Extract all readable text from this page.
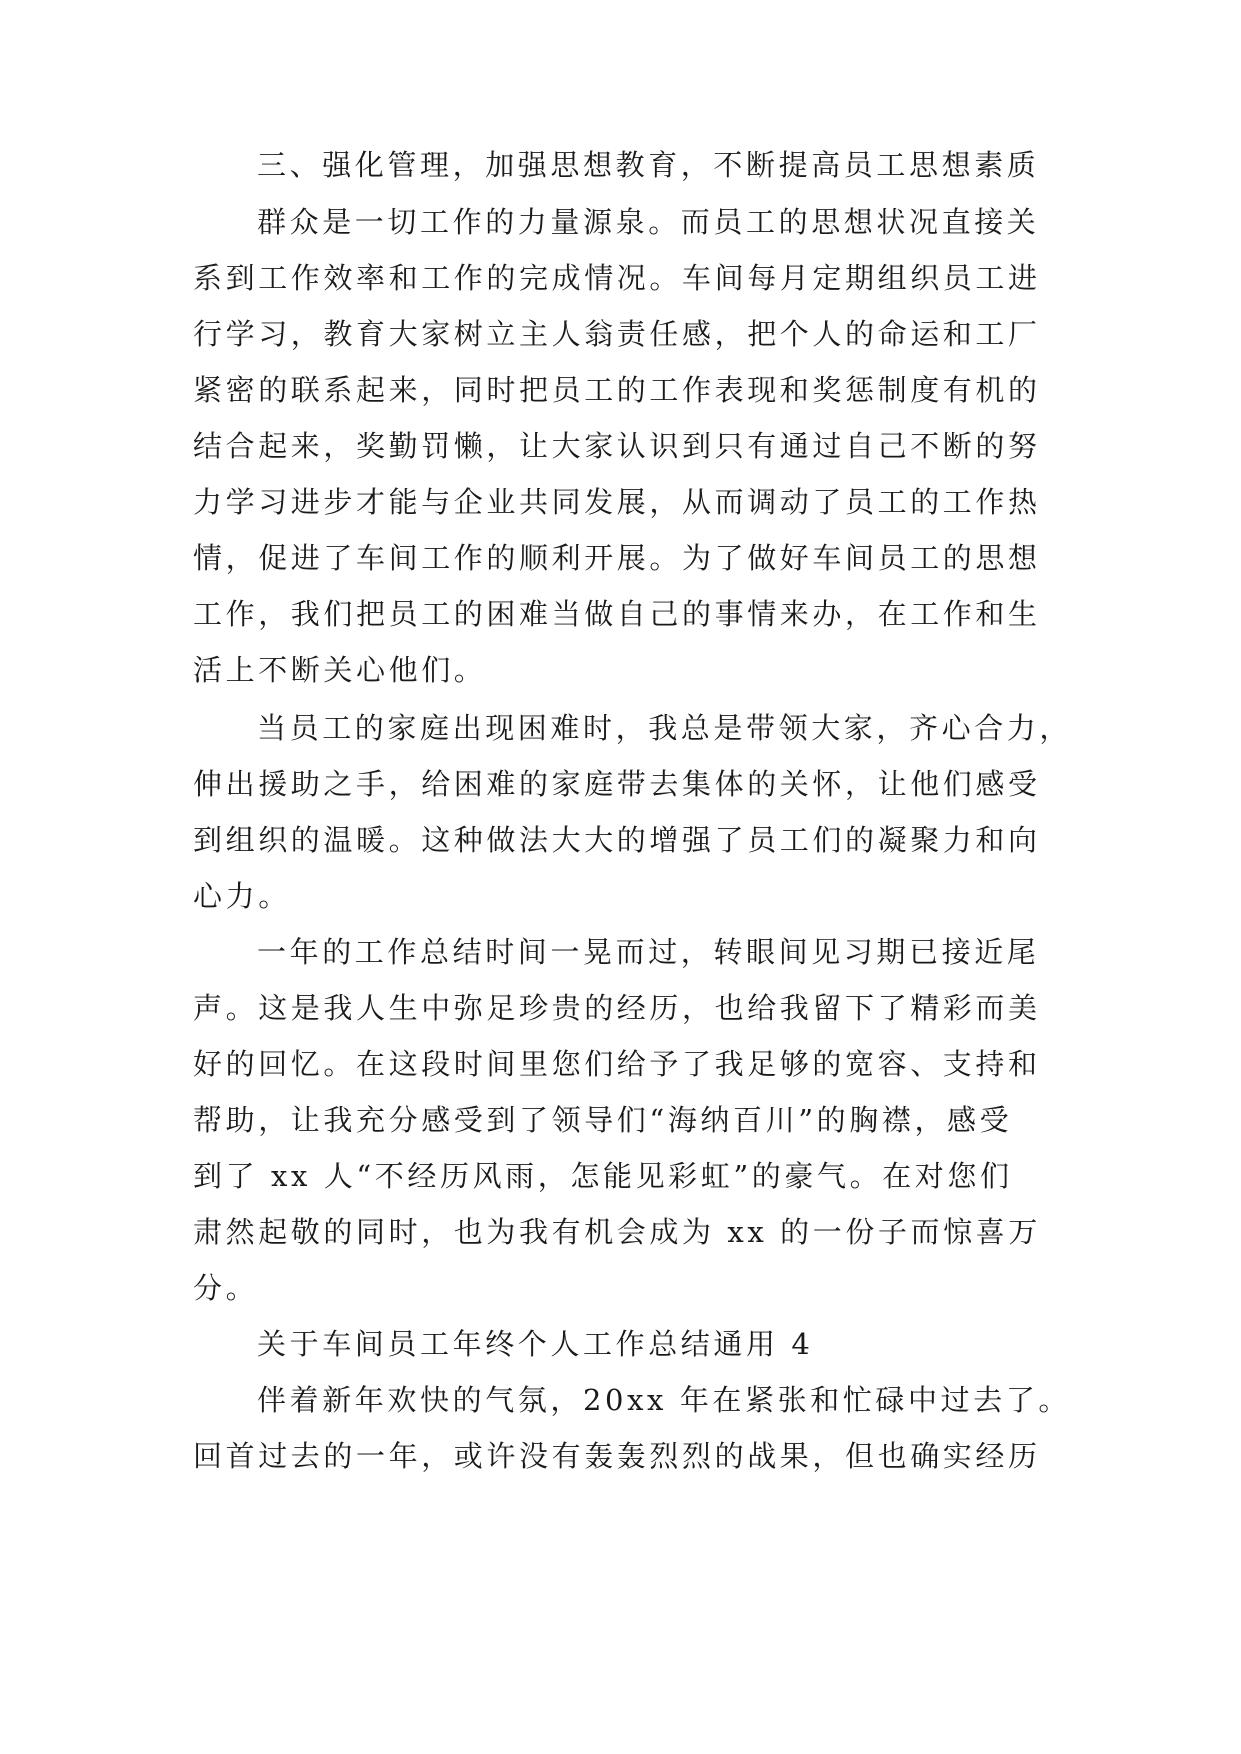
三、强化管理，加强思想教育，不断提高员工思想素质

群众是一切工作的力量源泉。而员工的思想状况直接关

系到工作效率和工作的完成情况。车间每月定期组织员工进

行学习，教育大家树立主人翁责任感，把个人的命运和工厂

紧密的联系起来，同时把员工的工作表现和奖惩制度有机的

结合起来，奖勤罚懒，让大家认识到只有通过自己不断的努

力学习进步才能与企业共同发展，从而调动了员工的工作热

情，促进了车间工作的顺利开展。为了做好车间员工的思想

工作，我们把员工的困难当做自己的事情来办，在工作和生

活上不断关心他们。

当员工的家庭出现困难时，我总是带领大家，齐心合力，

伸出援助之手，给困难的家庭带去集体的关怀，让他们感受

到组织的温暖。这种做法大大的增强了员工们的凝聚力和向

心力。

一年的工作总结时间一晃而过，转眼间见习期已接近尾

声。这是我人生中弥足珍贵的经历，也给我留下了精彩而美

好的回忆。在这段时间里您们给予了我足够的宽容、支持和

帮助，让我充分感受到了领导们“海纳百川”的胸襟，感受

到了 xx 人“不经历风雨，怎能见彩虹”的豪气。在对您们

肃然起敬的同时，也为我有机会成为 xx 的一份子而惊喜万

分。

关于车间员工年终个人工作总结通用 4

伴着新年欢快的气氛，20xx 年在紧张和忙碌中过去了。

回首过去的一年，或许没有轰轰烈烈的战果，但也确实经历
